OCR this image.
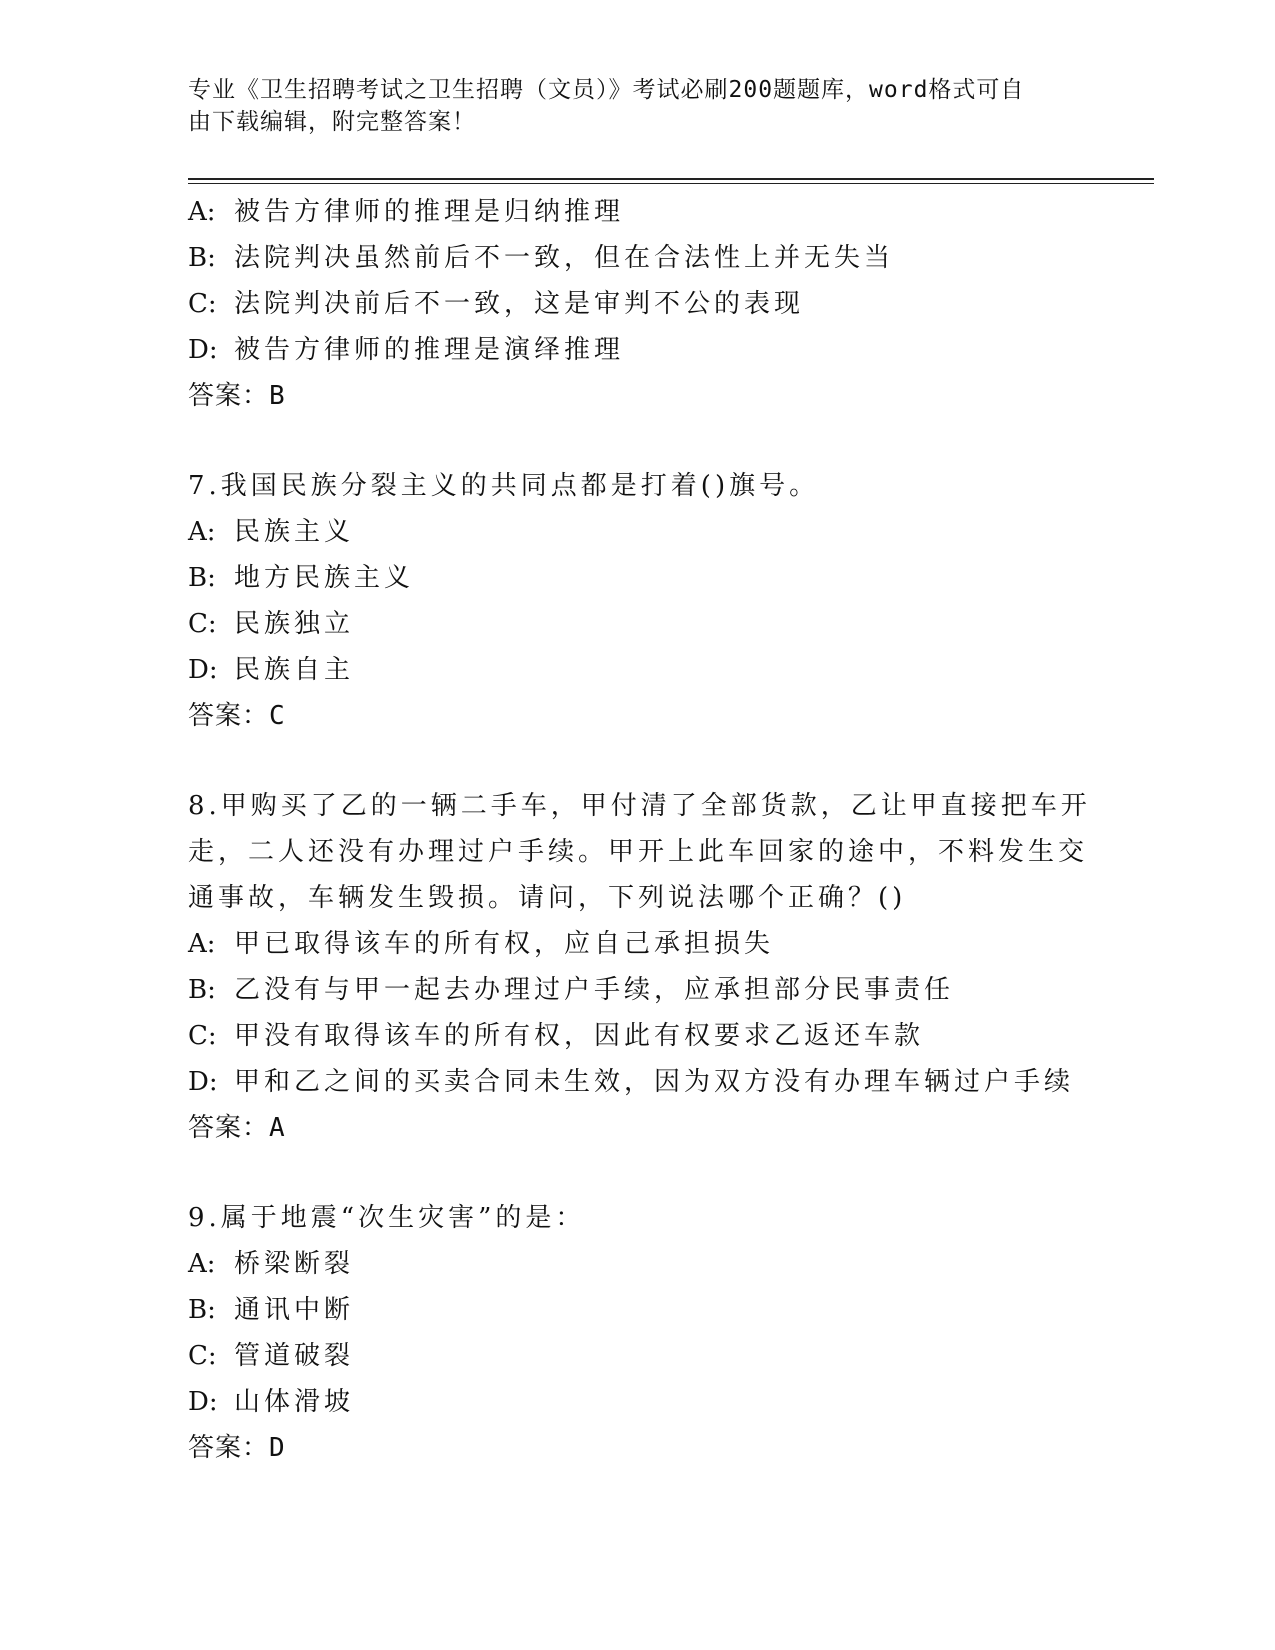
专业《卫生招聘考试之卫生招聘（文员）》考试必刷200题题库，word格式可自
由下载编辑，附完整答案！
A: 被告方律师的推理是归纳推理
B: 法院判决虽然前后不一致，但在合法性上并无失当
C: 法院判决前后不一致，这是审判不公的表现
D: 被告方律师的推理是演绎推理
答案：B
7.我国民族分裂主义的共同点都是打着()旗号。
A: 民族主义
B: 地方民族主义
C: 民族独立
D: 民族自主
答案：C
8.甲购买了乙的一辆二手车，甲付清了全部货款，乙让甲直接把车开
走，二人还没有办理过户手续。甲开上此车回家的途中，不料发生交
通事故，车辆发生毁损。请问，下列说法哪个正确？()
A: 甲已取得该车的所有权，应自己承担损失
B: 乙没有与甲一起去办理过户手续，应承担部分民事责任
C: 甲没有取得该车的所有权，因此有权要求乙返还车款
D: 甲和乙之间的买卖合同未生效，因为双方没有办理车辆过户手续
答案：A
9.属于地震“次生灾害”的是：
A: 桥梁断裂
B: 通讯中断
C: 管道破裂
D: 山体滑坡
答案：D
